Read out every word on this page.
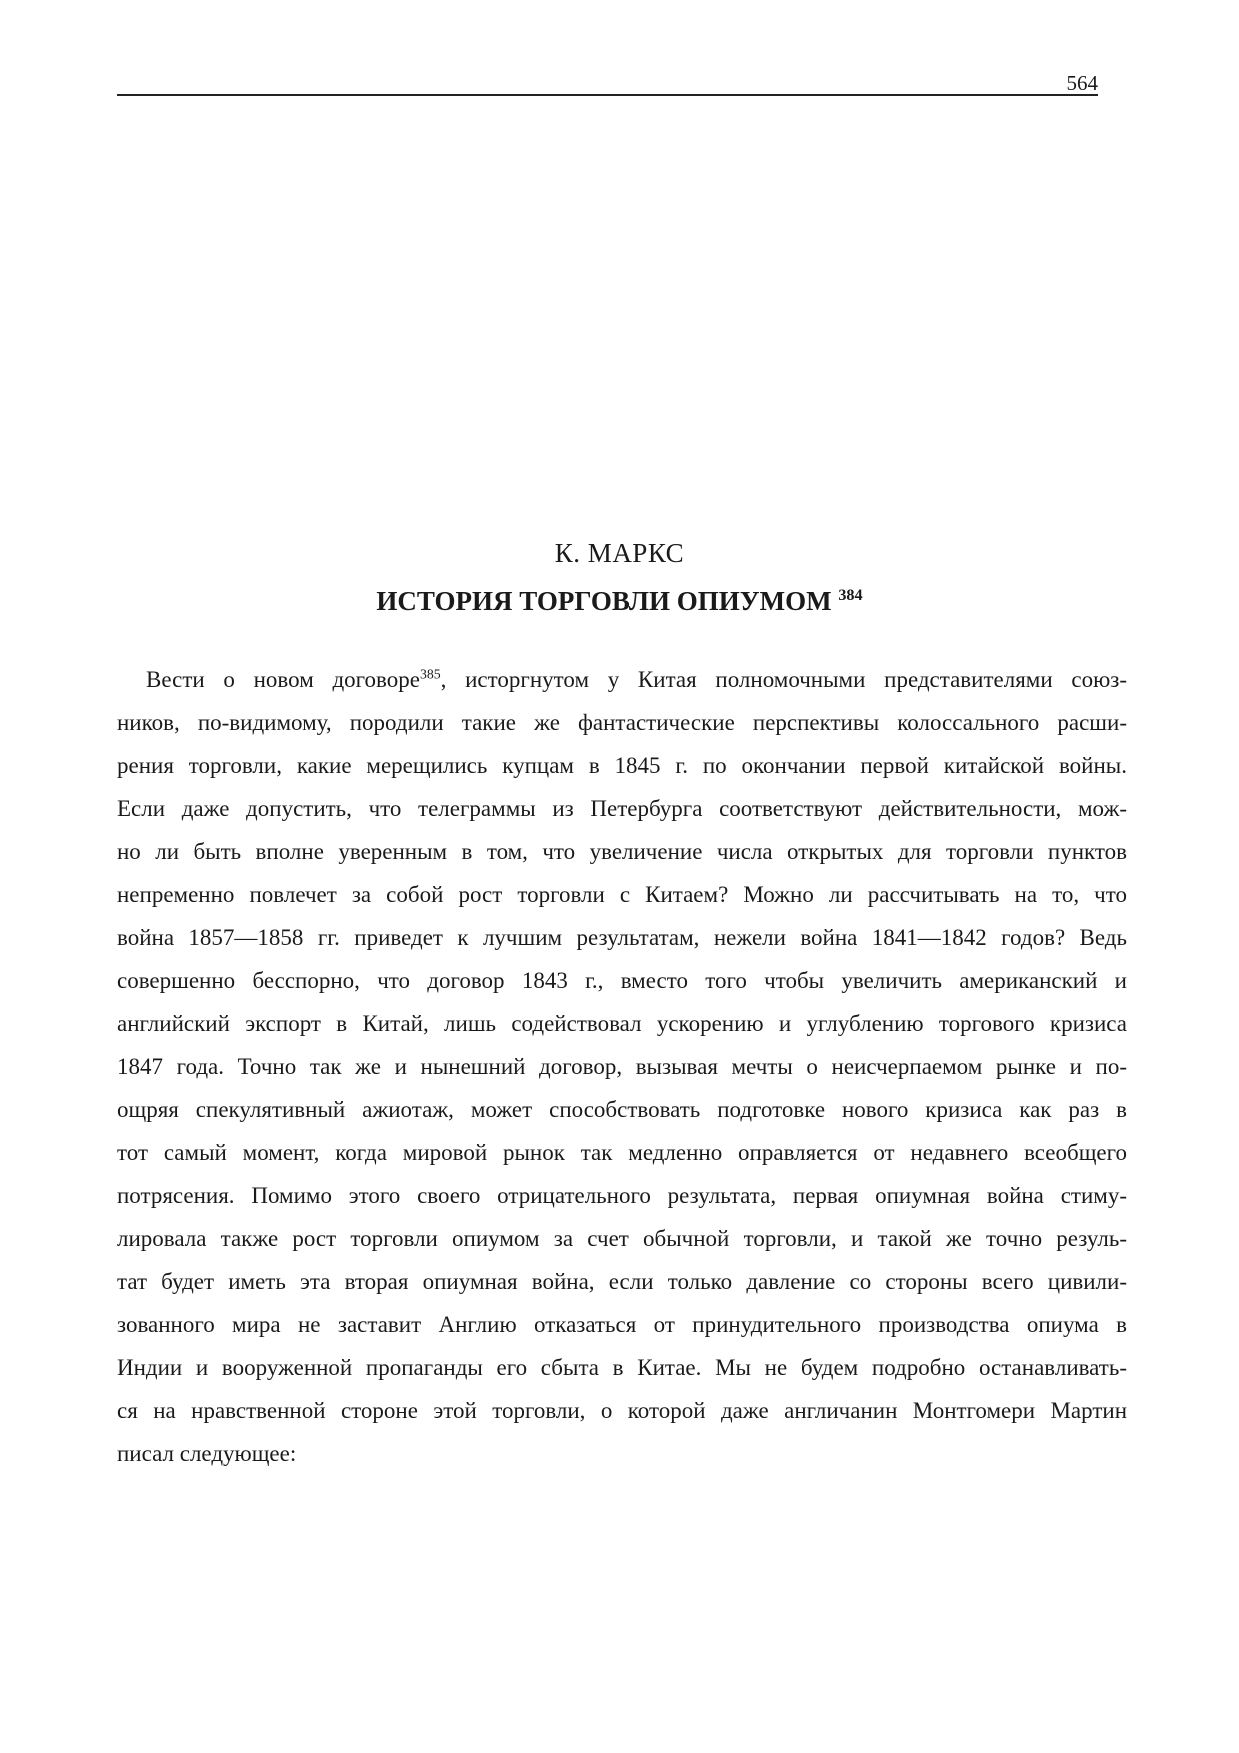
564
К. МАРКС
ИСТОРИЯ ТОРГОВЛИ ОПИУМОМ $^{384}$
Вести о новом договоре$^{385}$, исторгнутом у Китая полномочными представителями союз-
ников, по-видимому, породили такие же фантастические перспективы колоссального расши-
рения торговли, какие мерещились купцам в 1845 г. по окончании первой китайской войны.
Если даже допустить, что телеграммы из Петербурга соответствуют действительности, мож-
но ли быть вполне уверенным в том, что увеличение числа открытых для торговли пунктов
непременно повлечет за собой рост торговли с Китаем? Можно ли рассчитывать на то, что
война 1857—1858 гг. приведет к лучшим результатам, нежели война 1841—1842 годов? Ведь
совершенно бесспорно, что договор 1843 г., вместо того чтобы увеличить американский и
английский экспорт в Китай, лишь содействовал ускорению и углублению торгового кризиса
1847 года. Точно так же и нынешний договор, вызывая мечты о неисчерпаемом рынке и по-
ощряя спекулятивный ажиотаж, может способствовать подготовке нового кризиса как раз в
тот самый момент, когда мировой рынок так медленно оправляется от недавнего всеобщего
потрясения. Помимо этого своего отрицательного результата, первая опиумная война стиму-
лировала также рост торговли опиумом за счет обычной торговли, и такой же точно резуль-
тат будет иметь эта вторая опиумная война, если только давление со стороны всего цивили-
зованного мира не заставит Англию отказаться от принудительного производства опиума в
Индии и вооруженной пропаганды его сбыта в Китае. Мы не будем подробно останавливать-
ся на нравственной стороне этой торговли, о которой даже англичанин Монтгомери Мартин
писал следующее:
